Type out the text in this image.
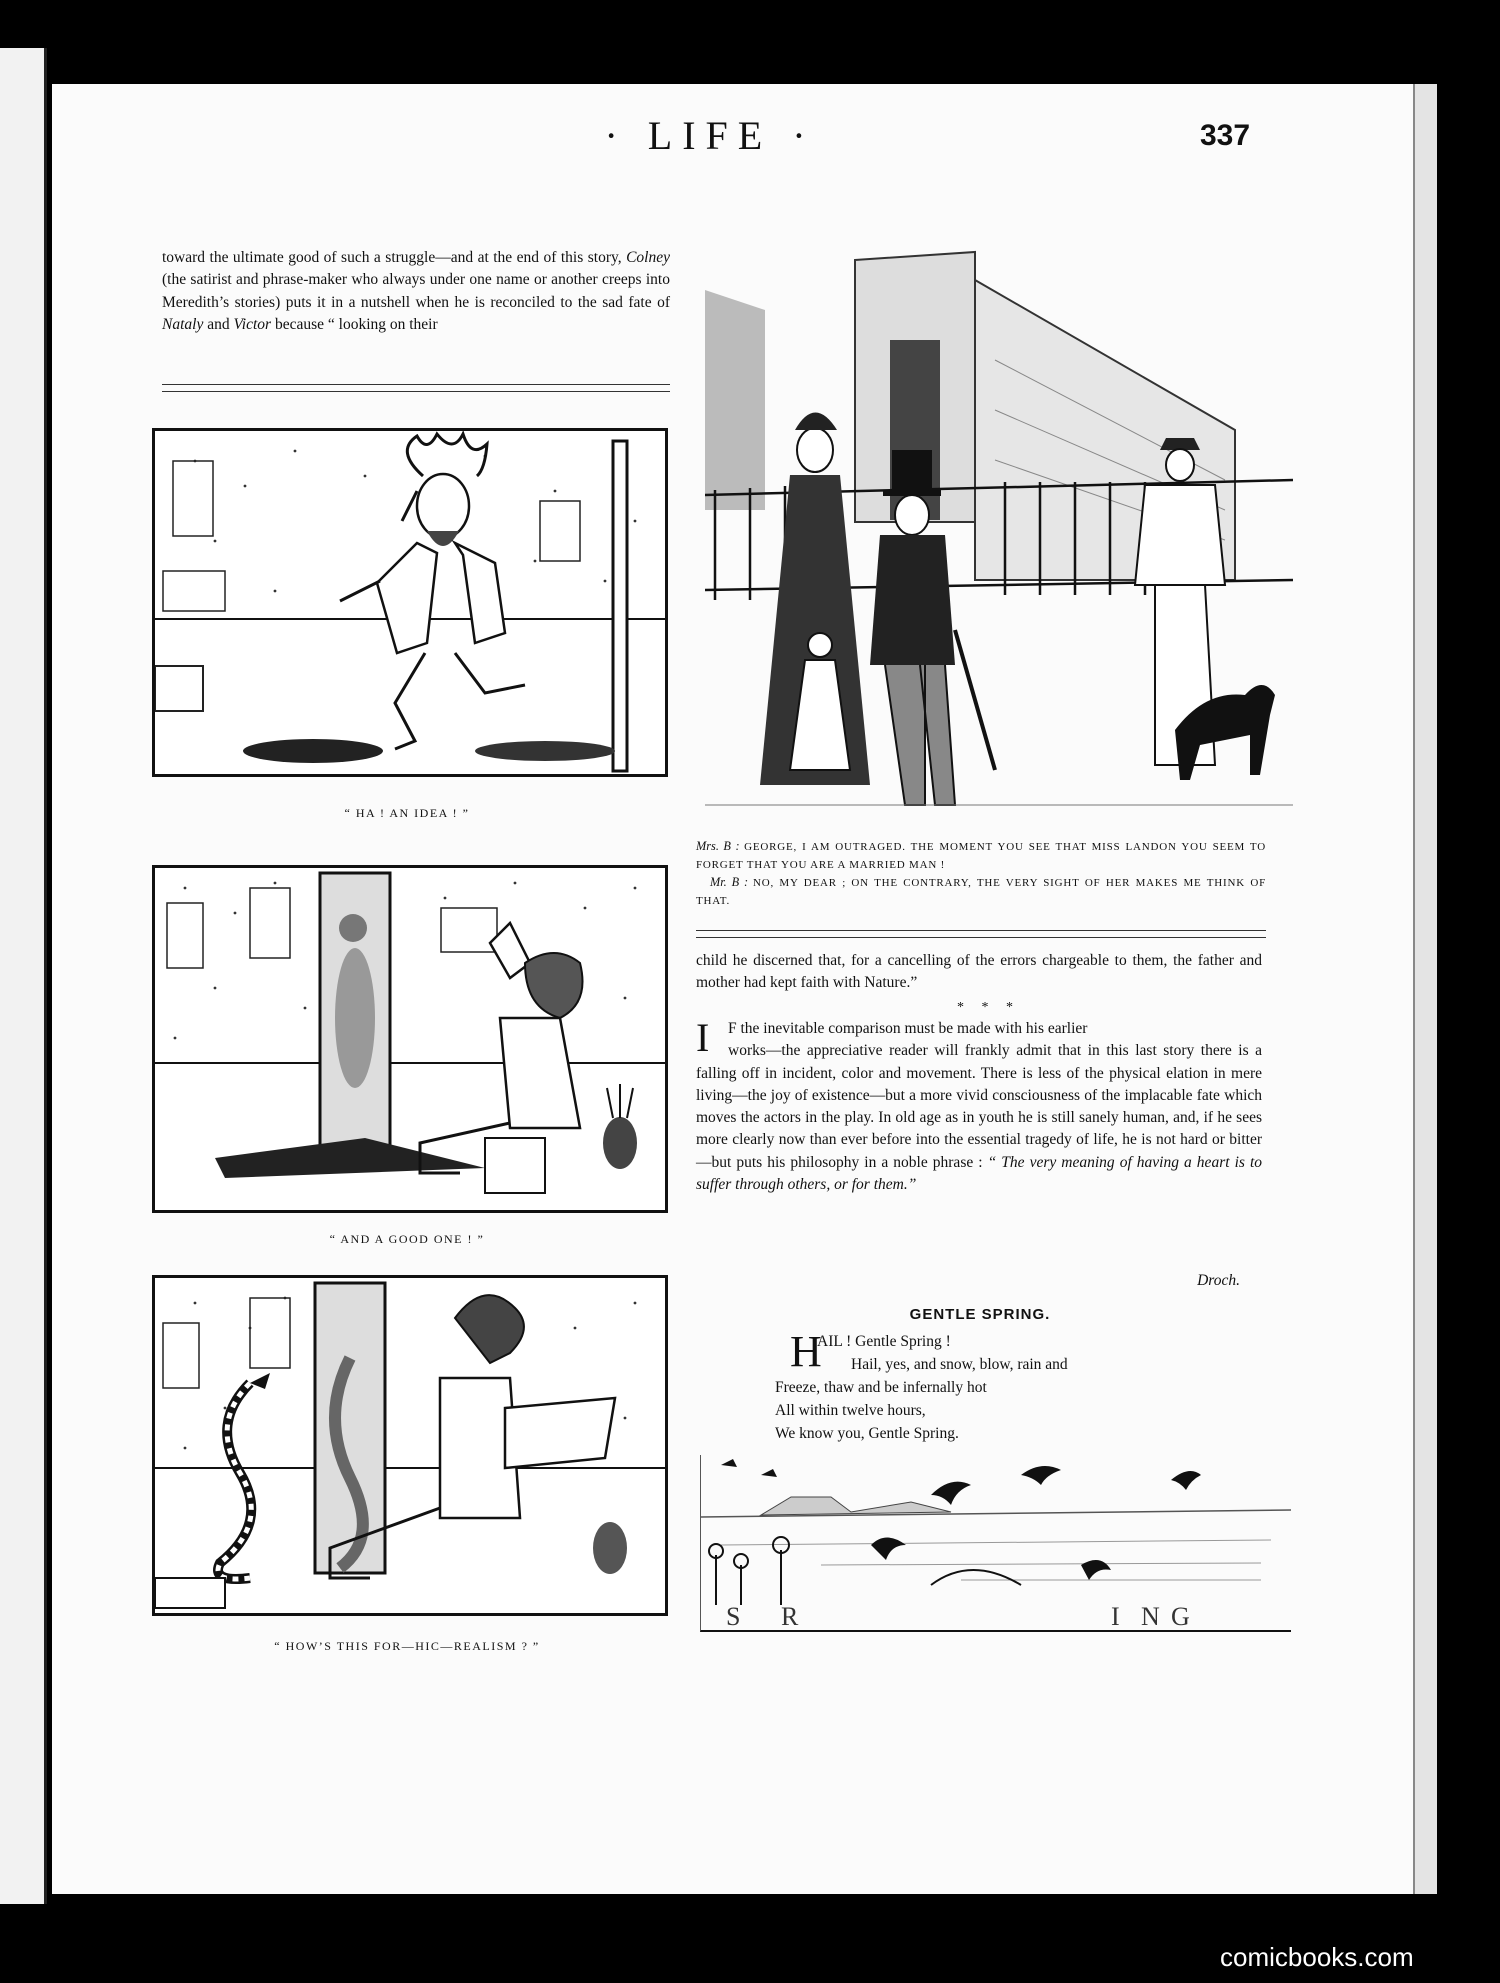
· LIFE ·	337
toward the ultimate good of such a struggle—and at the end of this story, Colney (the satirist and phrase-maker who always under one name or another creeps into Meredith’s stories) puts it in a nutshell when he is reconciled to the sad fate of Nataly and Victor because “ looking on their
“ HA ! AN IDEA ! ”
“ AND A GOOD ONE ! ”
“ HOW’S THIS FOR—HIC—REALISM ? ”

Mrs. B : GEORGE, I AM OUTRAGED. THE MOMENT YOU SEE THAT MISS LANDON YOU SEEM TO FORGET THAT YOU ARE A MARRIED MAN !

Mr. B : NO, MY DEAR ; ON THE CONTRARY, THE VERY SIGHT OF HER MAKES ME THINK OF THAT.

child he discerned that, for a cancelling of the errors chargeable to them, the father and mother had kept faith with Nature.”
*     *     *
I	F the inevitable comparison must be made with his earlier
works—the appreciative reader will frankly admit that in this last story there is a falling off in incident, color and movement. There is less of the physical elation in mere living—the joy of existence—but a more vivid consciousness of the implacable fate which moves the actors in the play. In old age as in youth he is still sanely human, and, if he sees more clearly now than ever before into the essential tragedy of life, he is not hard or bitter—but puts his philosophy in a noble phrase : “ The very meaning of having a heart is to suffer through others, or for them.”
Droch.
GENTLE SPRING.
H
AIL ! Gentle Spring !
Hail, yes, and snow, blow, rain and
Freeze, thaw and be infernally hot
All within twelve hours,
We know you, Gentle Spring.
S R	I N G
comicbooks.com
